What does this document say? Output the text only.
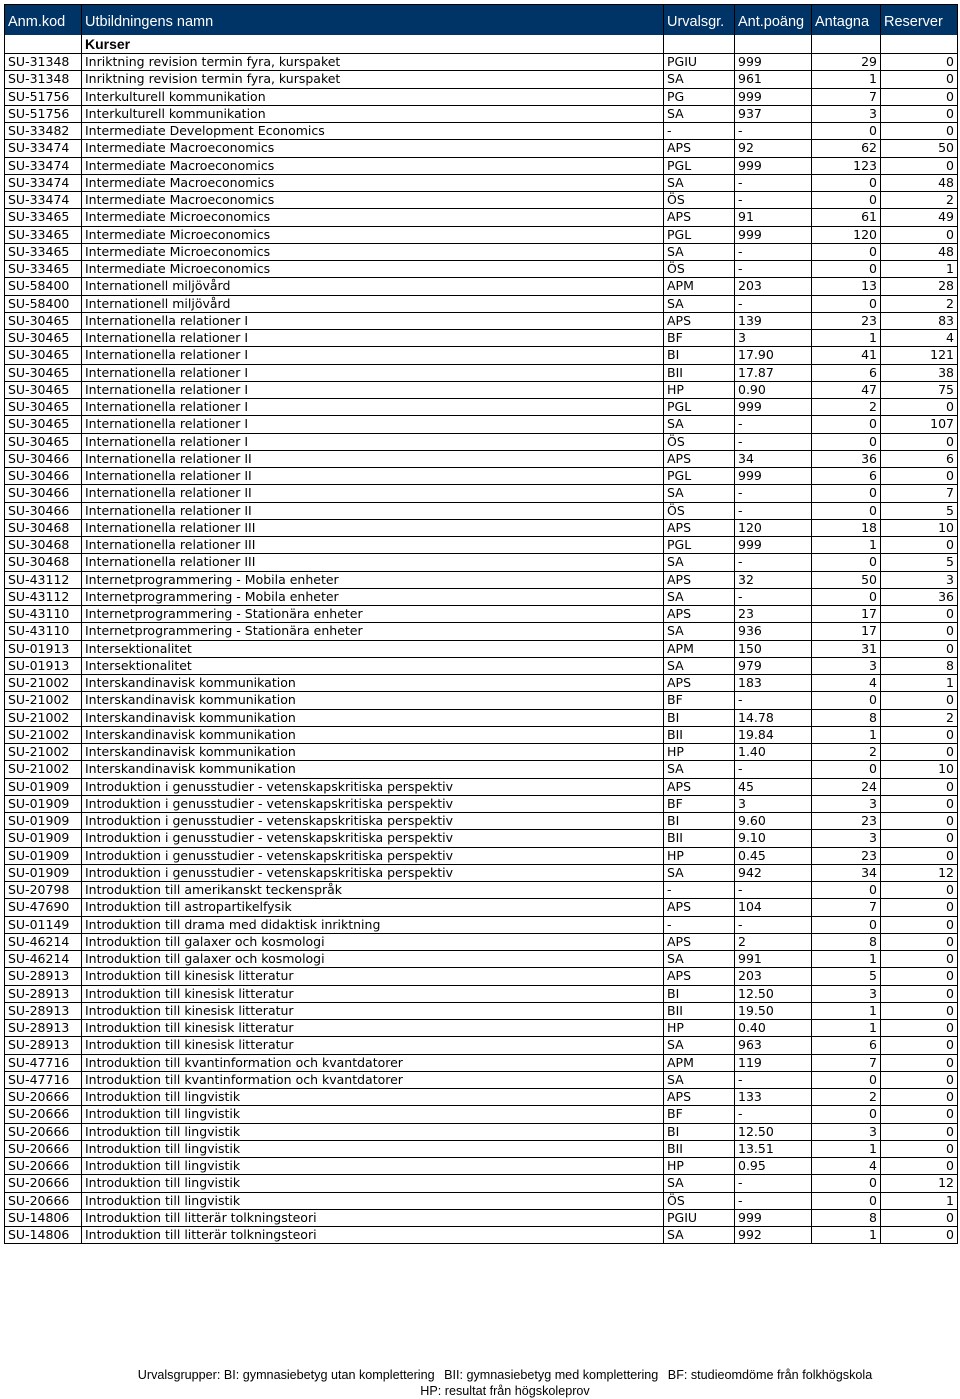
Anm.kod	Utbildningens namn	Urvalsgr.	Ant.poäng	Antagna	Reserver
	Kurser				
SU-31348	Inriktning revision termin fyra, kurspaket	PGIU	999	29	0
SU-31348	Inriktning revision termin fyra, kurspaket	SA	961	1	0
SU-51756	Interkulturell kommunikation	PG	999	7	0
SU-51756	Interkulturell kommunikation	SA	937	3	0
SU-33482	Intermediate Development Economics	-	-	0	0
SU-33474	Intermediate Macroeconomics	APS	92	62	50
SU-33474	Intermediate Macroeconomics	PGL	999	123	0
SU-33474	Intermediate Macroeconomics	SA	-	0	48
SU-33474	Intermediate Macroeconomics	ÖS	-	0	2
SU-33465	Intermediate Microeconomics	APS	91	61	49
SU-33465	Intermediate Microeconomics	PGL	999	120	0
SU-33465	Intermediate Microeconomics	SA	-	0	48
SU-33465	Intermediate Microeconomics	ÖS	-	0	1
SU-58400	Internationell miljövård	APM	203	13	28
SU-58400	Internationell miljövård	SA	-	0	2
SU-30465	Internationella relationer I	APS	139	23	83
SU-30465	Internationella relationer I	BF	3	1	4
SU-30465	Internationella relationer I	BI	17.90	41	121
SU-30465	Internationella relationer I	BII	17.87	6	38
SU-30465	Internationella relationer I	HP	0.90	47	75
SU-30465	Internationella relationer I	PGL	999	2	0
SU-30465	Internationella relationer I	SA	-	0	107
SU-30465	Internationella relationer I	ÖS	-	0	0
SU-30466	Internationella relationer II	APS	34	36	6
SU-30466	Internationella relationer II	PGL	999	6	0
SU-30466	Internationella relationer II	SA	-	0	7
SU-30466	Internationella relationer II	ÖS	-	0	5
SU-30468	Internationella relationer III	APS	120	18	10
SU-30468	Internationella relationer III	PGL	999	1	0
SU-30468	Internationella relationer III	SA	-	0	5
SU-43112	Internetprogrammering - Mobila enheter	APS	32	50	3
SU-43112	Internetprogrammering - Mobila enheter	SA	-	0	36
SU-43110	Internetprogrammering - Stationära enheter	APS	23	17	0
SU-43110	Internetprogrammering - Stationära enheter	SA	936	17	0
SU-01913	Intersektionalitet	APM	150	31	0
SU-01913	Intersektionalitet	SA	979	3	8
SU-21002	Interskandinavisk kommunikation	APS	183	4	1
SU-21002	Interskandinavisk kommunikation	BF	-	0	0
SU-21002	Interskandinavisk kommunikation	BI	14.78	8	2
SU-21002	Interskandinavisk kommunikation	BII	19.84	1	0
SU-21002	Interskandinavisk kommunikation	HP	1.40	2	0
SU-21002	Interskandinavisk kommunikation	SA	-	0	10
SU-01909	Introduktion i genusstudier - vetenskapskritiska perspektiv	APS	45	24	0
SU-01909	Introduktion i genusstudier - vetenskapskritiska perspektiv	BF	3	3	0
SU-01909	Introduktion i genusstudier - vetenskapskritiska perspektiv	BI	9.60	23	0
SU-01909	Introduktion i genusstudier - vetenskapskritiska perspektiv	BII	9.10	3	0
SU-01909	Introduktion i genusstudier - vetenskapskritiska perspektiv	HP	0.45	23	0
SU-01909	Introduktion i genusstudier - vetenskapskritiska perspektiv	SA	942	34	12
SU-20798	Introduktion till amerikanskt teckenspråk	-	-	0	0
SU-47690	Introduktion till astropartikelfysik	APS	104	7	0
SU-01149	Introduktion till drama med didaktisk inriktning	-	-	0	0
SU-46214	Introduktion till galaxer och kosmologi	APS	2	8	0
SU-46214	Introduktion till galaxer och kosmologi	SA	991	1	0
SU-28913	Introduktion till kinesisk litteratur	APS	203	5	0
SU-28913	Introduktion till kinesisk litteratur	BI	12.50	3	0
SU-28913	Introduktion till kinesisk litteratur	BII	19.50	1	0
SU-28913	Introduktion till kinesisk litteratur	HP	0.40	1	0
SU-28913	Introduktion till kinesisk litteratur	SA	963	6	0
SU-47716	Introduktion till kvantinformation och kvantdatorer	APM	119	7	0
SU-47716	Introduktion till kvantinformation och kvantdatorer	SA	-	0	0
SU-20666	Introduktion till lingvistik	APS	133	2	0
SU-20666	Introduktion till lingvistik	BF	-	0	0
SU-20666	Introduktion till lingvistik	BI	12.50	3	0
SU-20666	Introduktion till lingvistik	BII	13.51	1	0
SU-20666	Introduktion till lingvistik	HP	0.95	4	0
SU-20666	Introduktion till lingvistik	SA	-	0	12
SU-20666	Introduktion till lingvistik	ÖS	-	0	1
SU-14806	Introduktion till litterär tolkningsteori	PGIU	999	8	0
SU-14806	Introduktion till litterär tolkningsteori	SA	992	1	0
Urvalsgrupper: BI: gymnasiebetyg utan komplettering BII: gymnasiebetyg med komplettering BF: studieomdöme från folkhögskola
HP: resultat från högskoleprov
